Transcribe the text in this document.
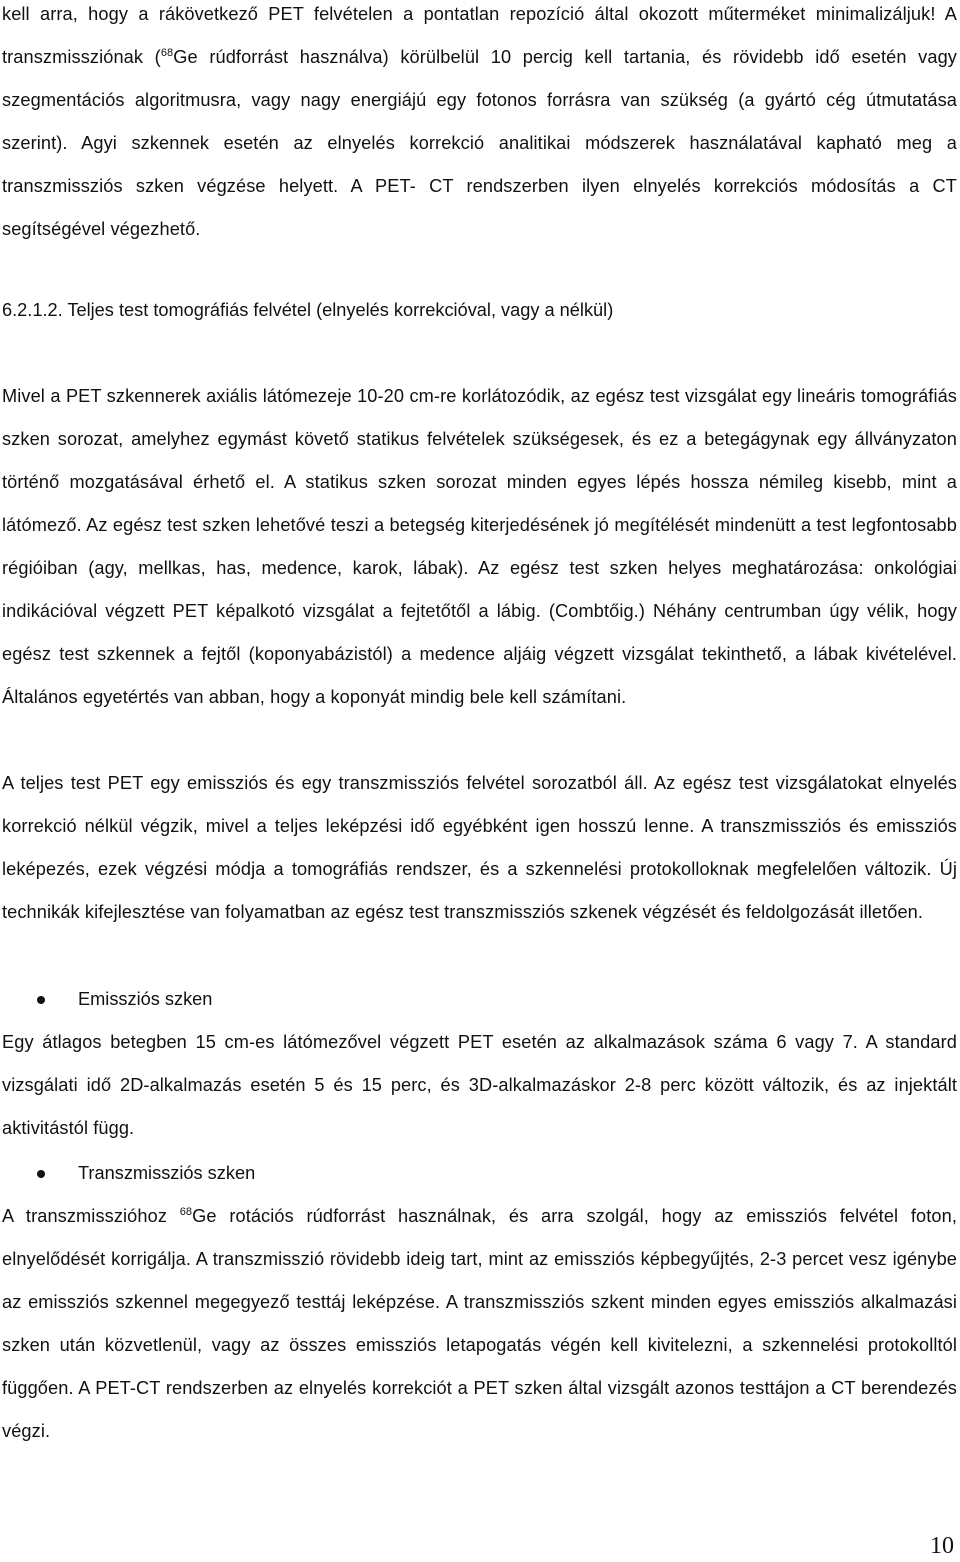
kell arra, hogy a rákövetkező PET felvételen a pontatlan repozíció által okozott műterméket minimalizáljuk! A transzmissziónak ($^{68}$Ge rúdforrást használva) körülbelül 10 percig kell tartania, és rövidebb idő esetén vagy szegmentációs algoritmusra, vagy nagy energiájú egy fotonos forrásra van szükség (a gyártó cég útmutatása szerint). Agyi szkennek esetén az elnyelés korrekció analitikai módszerek használatával kapható meg a transzmissziós szken végzése helyett. A PET- CT rendszerben ilyen elnyelés korrekciós módosítás a CT segítségével végezhető.

6.2.1.2. Teljes test tomográfiás felvétel (elnyelés korrekcióval, vagy a nélkül)

Mivel a PET szkennerek axiális látómezeje 10-20 cm-re korlátozódik, az egész test vizsgálat egy lineáris tomográfiás szken sorozat, amelyhez egymást követő statikus felvételek szükségesek, és ez a betegágynak egy állványzaton történő mozgatásával érhető el. A statikus szken sorozat minden egyes lépés hossza némileg kisebb, mint a látómező. Az egész test szken lehetővé teszi a betegség kiterjedésének jó megítélését mindenütt a test legfontosabb régióiban (agy, mellkas, has, medence, karok, lábak). Az egész test szken helyes meghatározása: onkológiai indikációval végzett PET képalkotó vizsgálat a fejtetőtől a lábig. (Combtőig.) Néhány centrumban úgy vélik, hogy egész test szkennek a fejtől (koponyabázistól) a medence aljáig végzett vizsgálat tekinthető, a lábak kivételével. Általános egyetértés van abban, hogy a koponyát mindig bele kell számítani.

A teljes test PET egy emissziós és egy transzmissziós felvétel sorozatból áll. Az egész test vizsgálatokat elnyelés korrekció nélkül végzik, mivel a teljes leképzési idő egyébként igen hosszú lenne. A transzmissziós és emissziós leképezés, ezek végzési módja a tomográfiás rendszer, és a szkennelési protokolloknak megfelelően változik. Új technikák kifejlesztése van folyamatban az egész test transzmissziós szkenek végzését és feldolgozását illetően.

Emissziós szken

Egy átlagos betegben 15 cm-es látómezővel végzett PET esetén az alkalmazások száma 6 vagy 7. A standard vizsgálati idő 2D-alkalmazás esetén 5 és 15 perc, és 3D-alkalmazáskor 2-8 perc között változik, és az injektált aktivitástól függ.

Transzmissziós szken

A transzmisszióhoz $^{68}$Ge rotációs rúdforrást használnak, és arra szolgál, hogy az emissziós felvétel foton, elnyelődését korrigálja. A transzmisszió rövidebb ideig tart, mint az emissziós képbegyűjtés, 2-3 percet vesz igénybe az emissziós szkennel megegyező testtáj leképzése. A transzmissziós szkent minden egyes emissziós alkalmazási szken után közvetlenül, vagy az összes emissziós letapogatás végén kell kivitelezni, a szkennelési protokolltól függően. A PET-CT rendszerben az elnyelés korrekciót a PET szken által vizsgált azonos testtájon a CT berendezés végzi.

10
